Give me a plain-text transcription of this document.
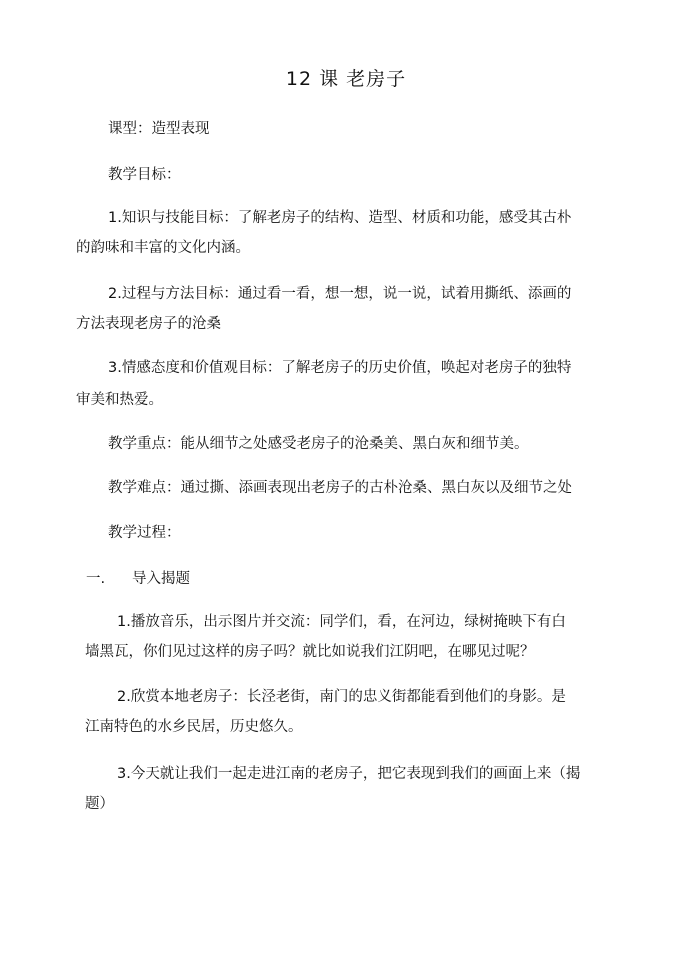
12 课 老房子
课型：造型表现
教学目标：
1.知识与技能目标：了解老房子的结构、造型、材质和功能，感受其古朴
的韵味和丰富的文化内涵。
2.过程与方法目标：通过看一看，想一想，说一说，试着用撕纸、添画的
方法表现老房子的沧桑
3.情感态度和价值观目标：了解老房子的历史价值，唤起对老房子的独特
审美和热爱。
教学重点：能从细节之处感受老房子的沧桑美、黑白灰和细节美。
教学难点：通过撕、添画表现出老房子的古朴沧桑、黑白灰以及细节之处
教学过程：
一. 导入揭题
1.播放音乐，出示图片并交流：同学们，看，在河边，绿树掩映下有白
墙黑瓦，你们见过这样的房子吗？就比如说我们江阴吧，在哪见过呢？
2.欣赏本地老房子：长泾老街，南门的忠义街都能看到他们的身影。是
江南特色的水乡民居，历史悠久。
3.今天就让我们一起走进江南的老房子，把它表现到我们的画面上来（揭
题）
